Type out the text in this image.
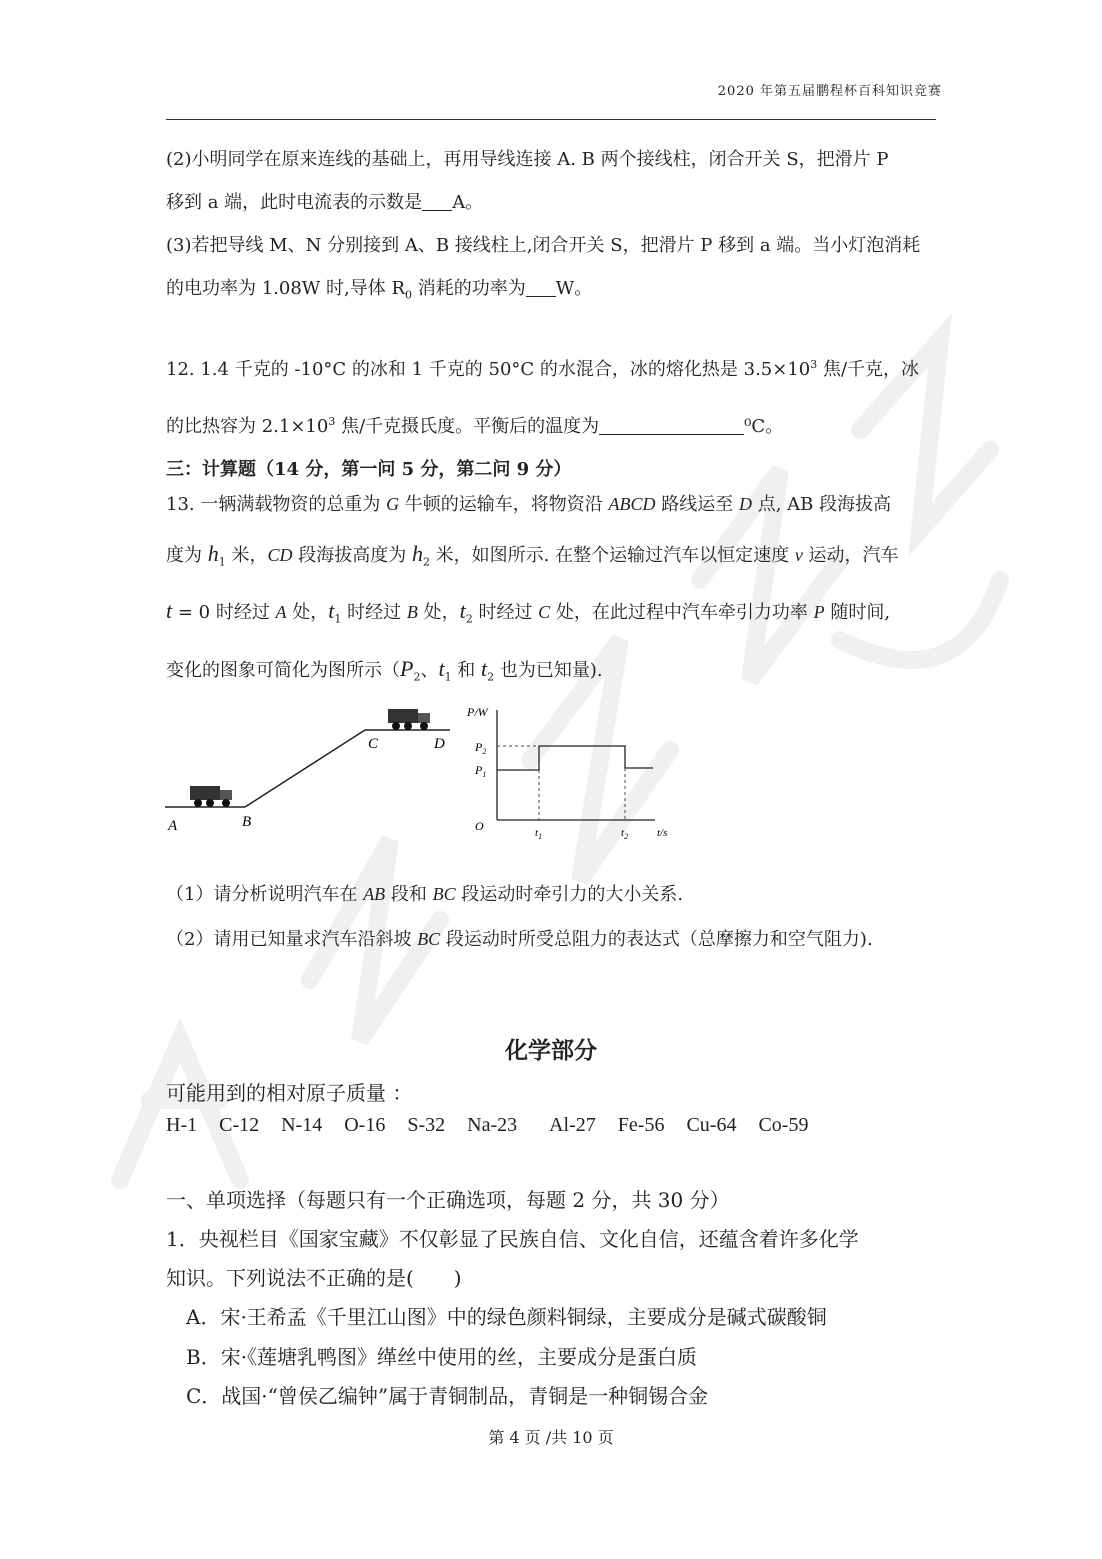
2020 年第五届鹏程杯百科知识竞赛
(2)小明同学在原来连线的基础上，再用导线连接 A. B 两个接线柱，闭合开关 S，把滑片 P
移到 a 端，此时电流表的示数是 A。
(3)若把导线 M、N 分别接到 A、B 接线柱上,闭合开关 S，把滑片 P 移到 a 端。当小灯泡消耗
的电功率为 1.08W 时,导体 $R_0$ 消耗的功率为 W。
12. 1.4 千克的 -10°C 的冰和 1 千克的 50°C 的水混合，冰的熔化热是 $3.5\times 10^3$ 焦/千克，冰
的比热容为 $2.1\times 10^3$ 焦/千克摄氏度。平衡后的温度为	⁰C。
三：计算题（14 分，第一问 5 分，第二问 9 分）
13. 一辆满载物资的总重为 G 牛顿的运输车，将物资沿 ABCD 路线运至 D 点, AB 段海拔高
度为 $h_1$ 米，CD 段海拔高度为 $h_2$ 米，如图所示. 在整个运输过汽车以恒定速度 v 运动，汽车
t = 0 时经过 A 处，$t_1$ 时经过 B 处，$t_2$ 时经过 C 处，在此过程中汽车牵引力功率 P 随时间,
变化的图象可简化为图所示（$P_2$、$t_1$ 和 $t_2$ 也为已知量).
A	B
C	D
P/W
O	t/s
$P_2$
$P_1$
$t_1$	$t_2$
（1）请分析说明汽车在 AB 段和 BC 段运动时牵引力的大小关系.
（2）请用已知量求汽车沿斜坡 BC 段运动时所受总阻力的表达式（总摩擦力和空气阻力).
化学部分
可能用到的相对原子质量 ：
H-1 C-12 N-14 O-16 S-32 Na-23 Al-27 Fe-56 Cu-64 Co-59
一、单项选择（每题只有一个正确选项，每题 2 分，共 30 分）
1．央视栏目《国家宝藏》不仅彰显了民族自信、文化自信，还蕴含着许多化学
知识。下列说法不正确的是(　　)
A．宋·王希孟《千里江山图》中的绿色颜料铜绿，主要成分是碱式碳酸铜
B．宋·《莲塘乳鸭图》缂丝中使用的丝，主要成分是蛋白质
C．战国·“曾侯乙编钟”属于青铜制品，青铜是一种铜锡合金
第 4 页 /共 10 页
